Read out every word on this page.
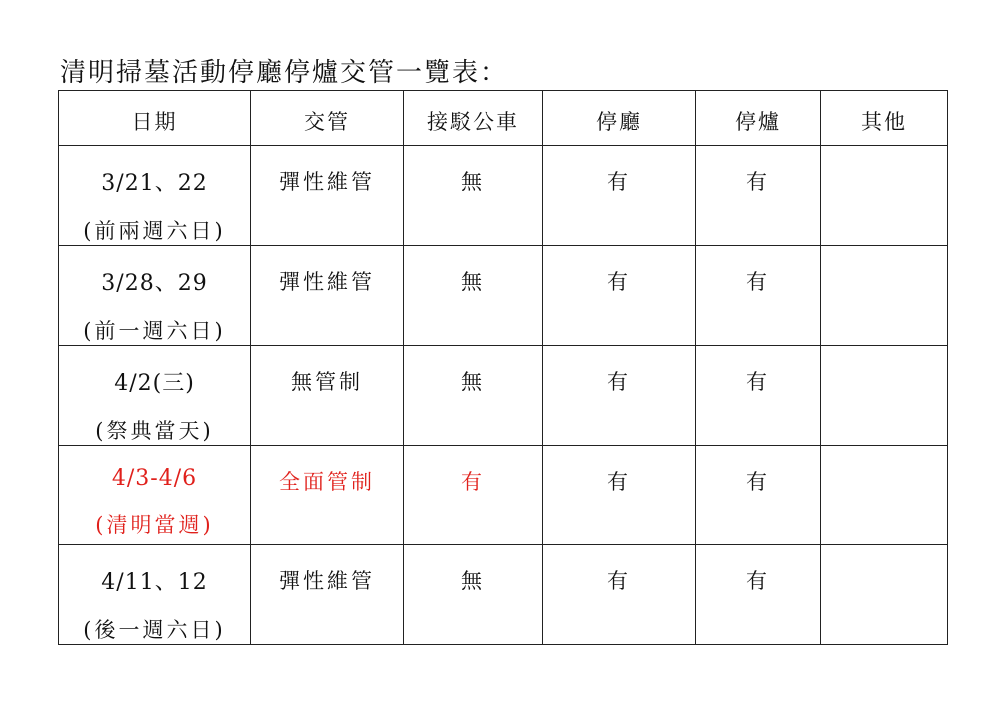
清明掃墓活動停廳停爐交管一覽表：
日期	交管	接駁公車	停廳	停爐	其他

3/21、22
(前兩週六日)	彈性維管	無	有	有	

3/28、29
(前一週六日)	彈性維管	無	有	有	

4/2(三)
(祭典當天)	無管制	無	有	有	

4/3-4/6
(清明當週)	全面管制	有	有	有	

4/11、12
(後一週六日)	彈性維管	無	有	有	
